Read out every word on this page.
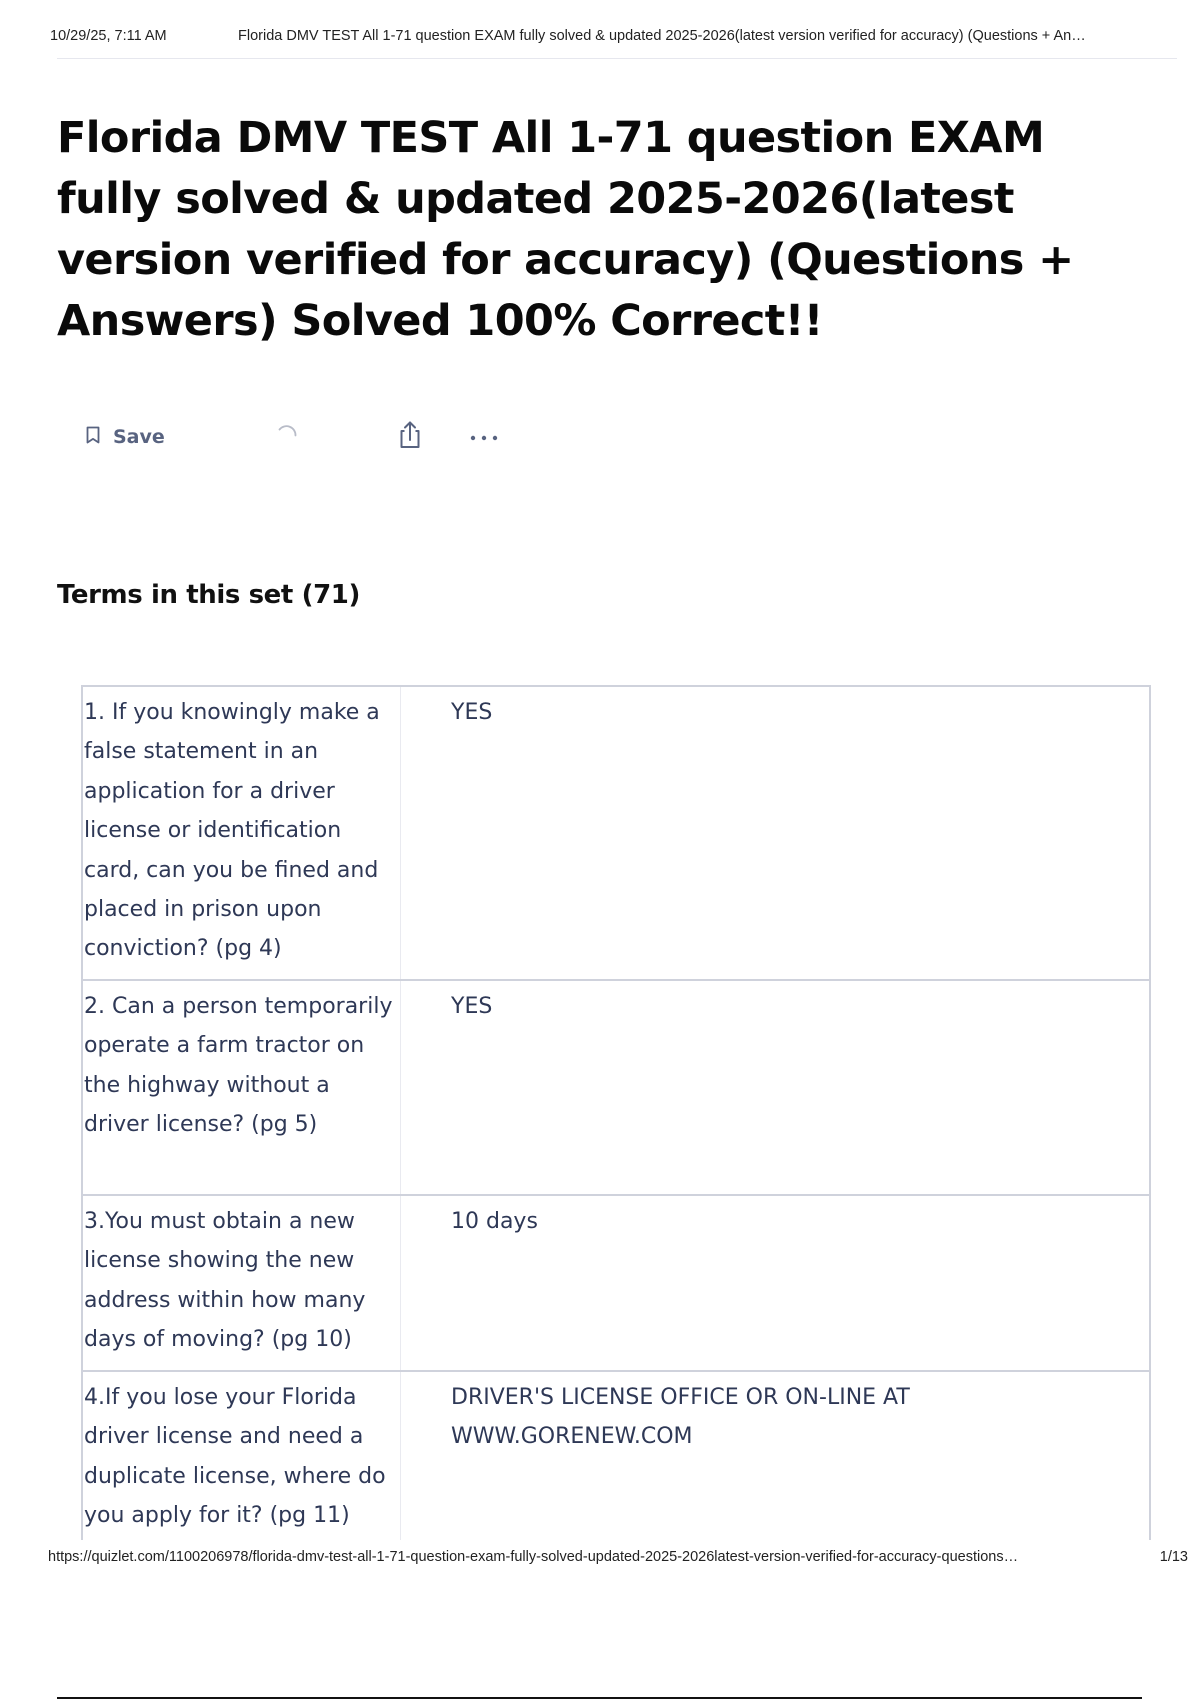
10/29/25, 7:11 AM	Florida DMV TEST All 1-71 question EXAM fully solved & updated 2025-2026(latest version verified for accuracy) (Questions + An…
Florida DMV TEST All 1-71 question EXAM fully solved & updated 2025-2026(latest version verified for accuracy) (Questions + Answers) Solved 100% Correct!!
Save
Terms in this set (71)
1. If you knowingly make a false statement in an application for a driver license or identification card, can you be fined and placed in prison upon conviction? (pg 4)
YES
2. Can a person temporarily operate a farm tractor on the highway without a driver license? (pg 5)
YES
3.You must obtain a new license showing the new address within how many days of moving? (pg 10)
10 days
4.If you lose your Florida driver license and need a duplicate license, where do you apply for it? (pg 11)
DRIVER'S LICENSE OFFICE OR ON-LINE AT WWW.GORENEW.COM
https://quizlet.com/1100206978/florida-dmv-test-all-1-71-question-exam-fully-solved-updated-2025-2026latest-version-verified-for-accuracy-questions…	1/13
